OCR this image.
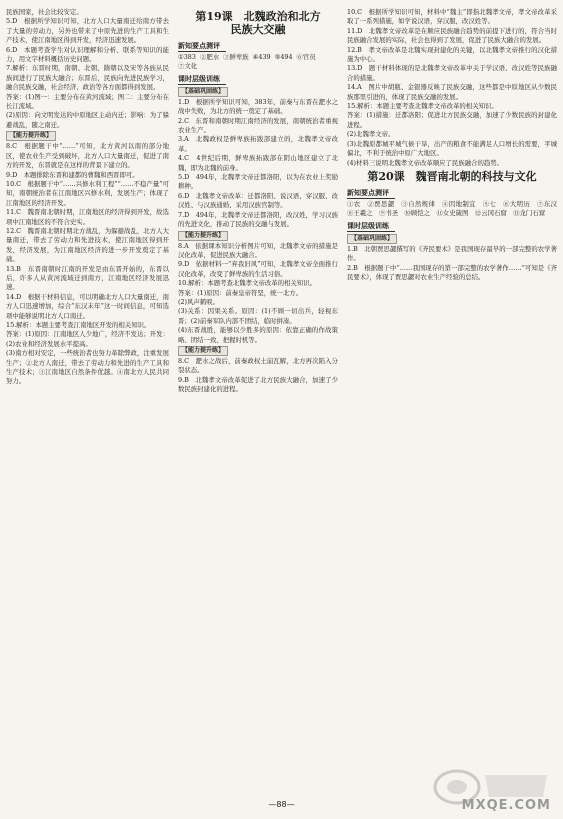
民族国家，社会比较安定。

5.D　根据所学知识可知，北方人口大量南迁给南方带去了大量的劳动力，另外也带来了中原先进的生产工具和生产技术，使江南地区得到开发，经济迅速发展。

6.D　本题考查学生对认识理解和分析、联系等知识的能力，用文字材料概括历史问题。

7.解析：东晋时期，南朝、北朝、隋朝以及宋等各族从民族间进行了民族大融合；东晋后，民族向先进民族学习，融合民族交融，社会经济、政治等各方面都得到发展。

答案：(1)图一：主要分布在黄河流域；图二：主要分布在长江流域。

(2)原因：向文明发达的中原地区主动内迁；影响：为了躲避战乱，随之南迁。

【能力提升练】

8.C　根据题干中“……”可知，北方黄河以南的部分地区，使农业生产受到破坏，北方人口大量南迁，促进了南方的开发，东晋就是在这样的背景下建立的。

9.D　本题排除东晋和建都的曹魏和西晋即可。

10.C　根据题干中“……兴修水利工程”“……不稳产量”可知，南朝统治者在江南地区兴修水利，发展生产；体现了江南地区的经济开发。

11.C　魏晋南北朝时期，江南地区的经济得到开发，故选项中江南地区的不符合史实。

12.C　魏晋南北朝时期北方战乱，为躲避战乱，北方人大量南迁，带去了劳动力和先进技术，使江南地区得到开发，经济发展，为江南地区经济的进一步开发奠定了基础。

13.B　东晋南朝时江南的开发是由东晋开始的，东晋以后，许多人从黄河流域迁到南方，江南地区经济发展迅速。

14.D　根据干材料信息，可以明确北方人口大量南迁，南方人口迅速增加，综合“东汉末年”这一时间信息，可知选项中能够说明北方人口南迁。

15.解析：本题主要考查江南地区开发的相关知识。

答案：(1)原因：江南地区人少地广，经济不发达；开发：(2)农业和经济发展水平提高。

(3)南方相对安定，一些统治者也努力革除弊政，注重发展生产；②北方人南迁，带去了劳动力和先进的生产工具和生产技术；③江南地区自然条件优越。④南北方人民共同努力。

第19课　北魏政治和北方
民族大交融
新知要点测评
①383 ②肥水 ③鲜卑族 ④439 ⑤494 ⑥官员
⑦文化
课时层级训练
【基础巩固练】

1.D　根据所学知识可知，383年，前秦与东晋在淝水之战中失败，为北方的统一奠定了基础。

2.C　东晋和南朝时期江南经济的发展，南朝统治者重视农业生产。

3.A　北魏政权是鲜卑族拓跋部建立的，北魏孝文帝改革。

4.C　4世纪后期，鲜卑族拓跋部在阴山地区建立了北魏，即为北魏的前身。

5.D　494年，北魏孝文帝迁都洛阳，以为在农业上奖励耕种。

6.D　北魏孝文帝改革：迁都洛阳、说汉语、穿汉服、改汉姓、与汉族通婚、采用汉族官制等。

7.D　494年，北魏孝文帝迁都洛阳，改汉姓，学习汉族的先进文化，推动了民族的交融与发展。

【能力提升练】

8.A　依据课本知识分析图片可知，北魏孝文帝的措施是汉化改革，促进民族大融合。

9.D　依据材料一“弃我旧风”可知，北魏孝文帝全面推行汉化改革，改变了鲜卑族的生活习俗。

10.解析：本题考查北魏孝文帝改革的相关知识。

答案：(1)原因：前秦皇帝符坚，统一北方。

(2)风声鹤唳。

(3)关系：因果关系。原因：(1)不顾一切出兵，轻视东晋；(2)前秦军队内部不团结，临时拼凑。

(4)东晋战胜，能够以少胜多的原因：依靠正确的作战策略、团结一致、把握时机等。

【能力提升练】

8.C　淝水之战后，前秦政权土崩瓦解，北方再次陷入分裂状态。

9.B　北魏孝文帝改革促进了北方民族大融合，加速了少数民族封建化的进程。

10.C　根据所学知识可知，材料中“魏主”即指北魏孝文帝，孝文帝改革采取了一系列措施，如学说汉语，穿汉服，改汉姓等。

11.D　北魏孝文帝改革是在顺应民族融合趋势的前提下进行的，符合当时民族融合发展的实际，社会也得到了发展，促进了民族大融合的发展。

12.B　孝文帝改革是北魏实现封建化的关键，以北魏孝文帝推行的汉化措施为中心。

13.D　题干材料体现的是北魏孝文帝改革中关于学汉语、改汉姓等民族融合的措施。

14.A　图片中胡瓶、金银器反映了民族交融，这些都是中原地区从少数民族那里引进的，体现了民族交融的发展。

15.解析：本题主要考查北魏孝文帝改革的相关知识。

答案：(1)措施：迁都洛阳；促进北方民族交融，加速了少数民族的封建化进程。

(2)北魏孝文帝。

(3)北魏原都城平城气候干旱，出产的粮食不能满足人口增长的需要，平城偏北，不利于统治中原广大地区。

(4)材料三说明北魏孝文帝改革顺应了民族融合的趋势。

第20课　魏晋南北朝的科技与文化
新知要点测评

①农　②贾思勰　③自然规律　④因地制宜　⑤七　⑥大明历　⑦东汉　⑧王羲之　⑨书圣　⑩顾恺之　⑪女史箴图　⑫云冈石窟　⑬龙门石窟

课时层级训练
【基础巩固练】

1.B　北朝贾思勰撰写的《齐民要术》是我国现存最早的一部完整的农学著作。

2.B　根据题干中“……我国现存的第一部完整的农学著作……”可知是《齐民要术》，体现了贾思勰对农业生产经验的总结。

—88—	MXQE.COM
